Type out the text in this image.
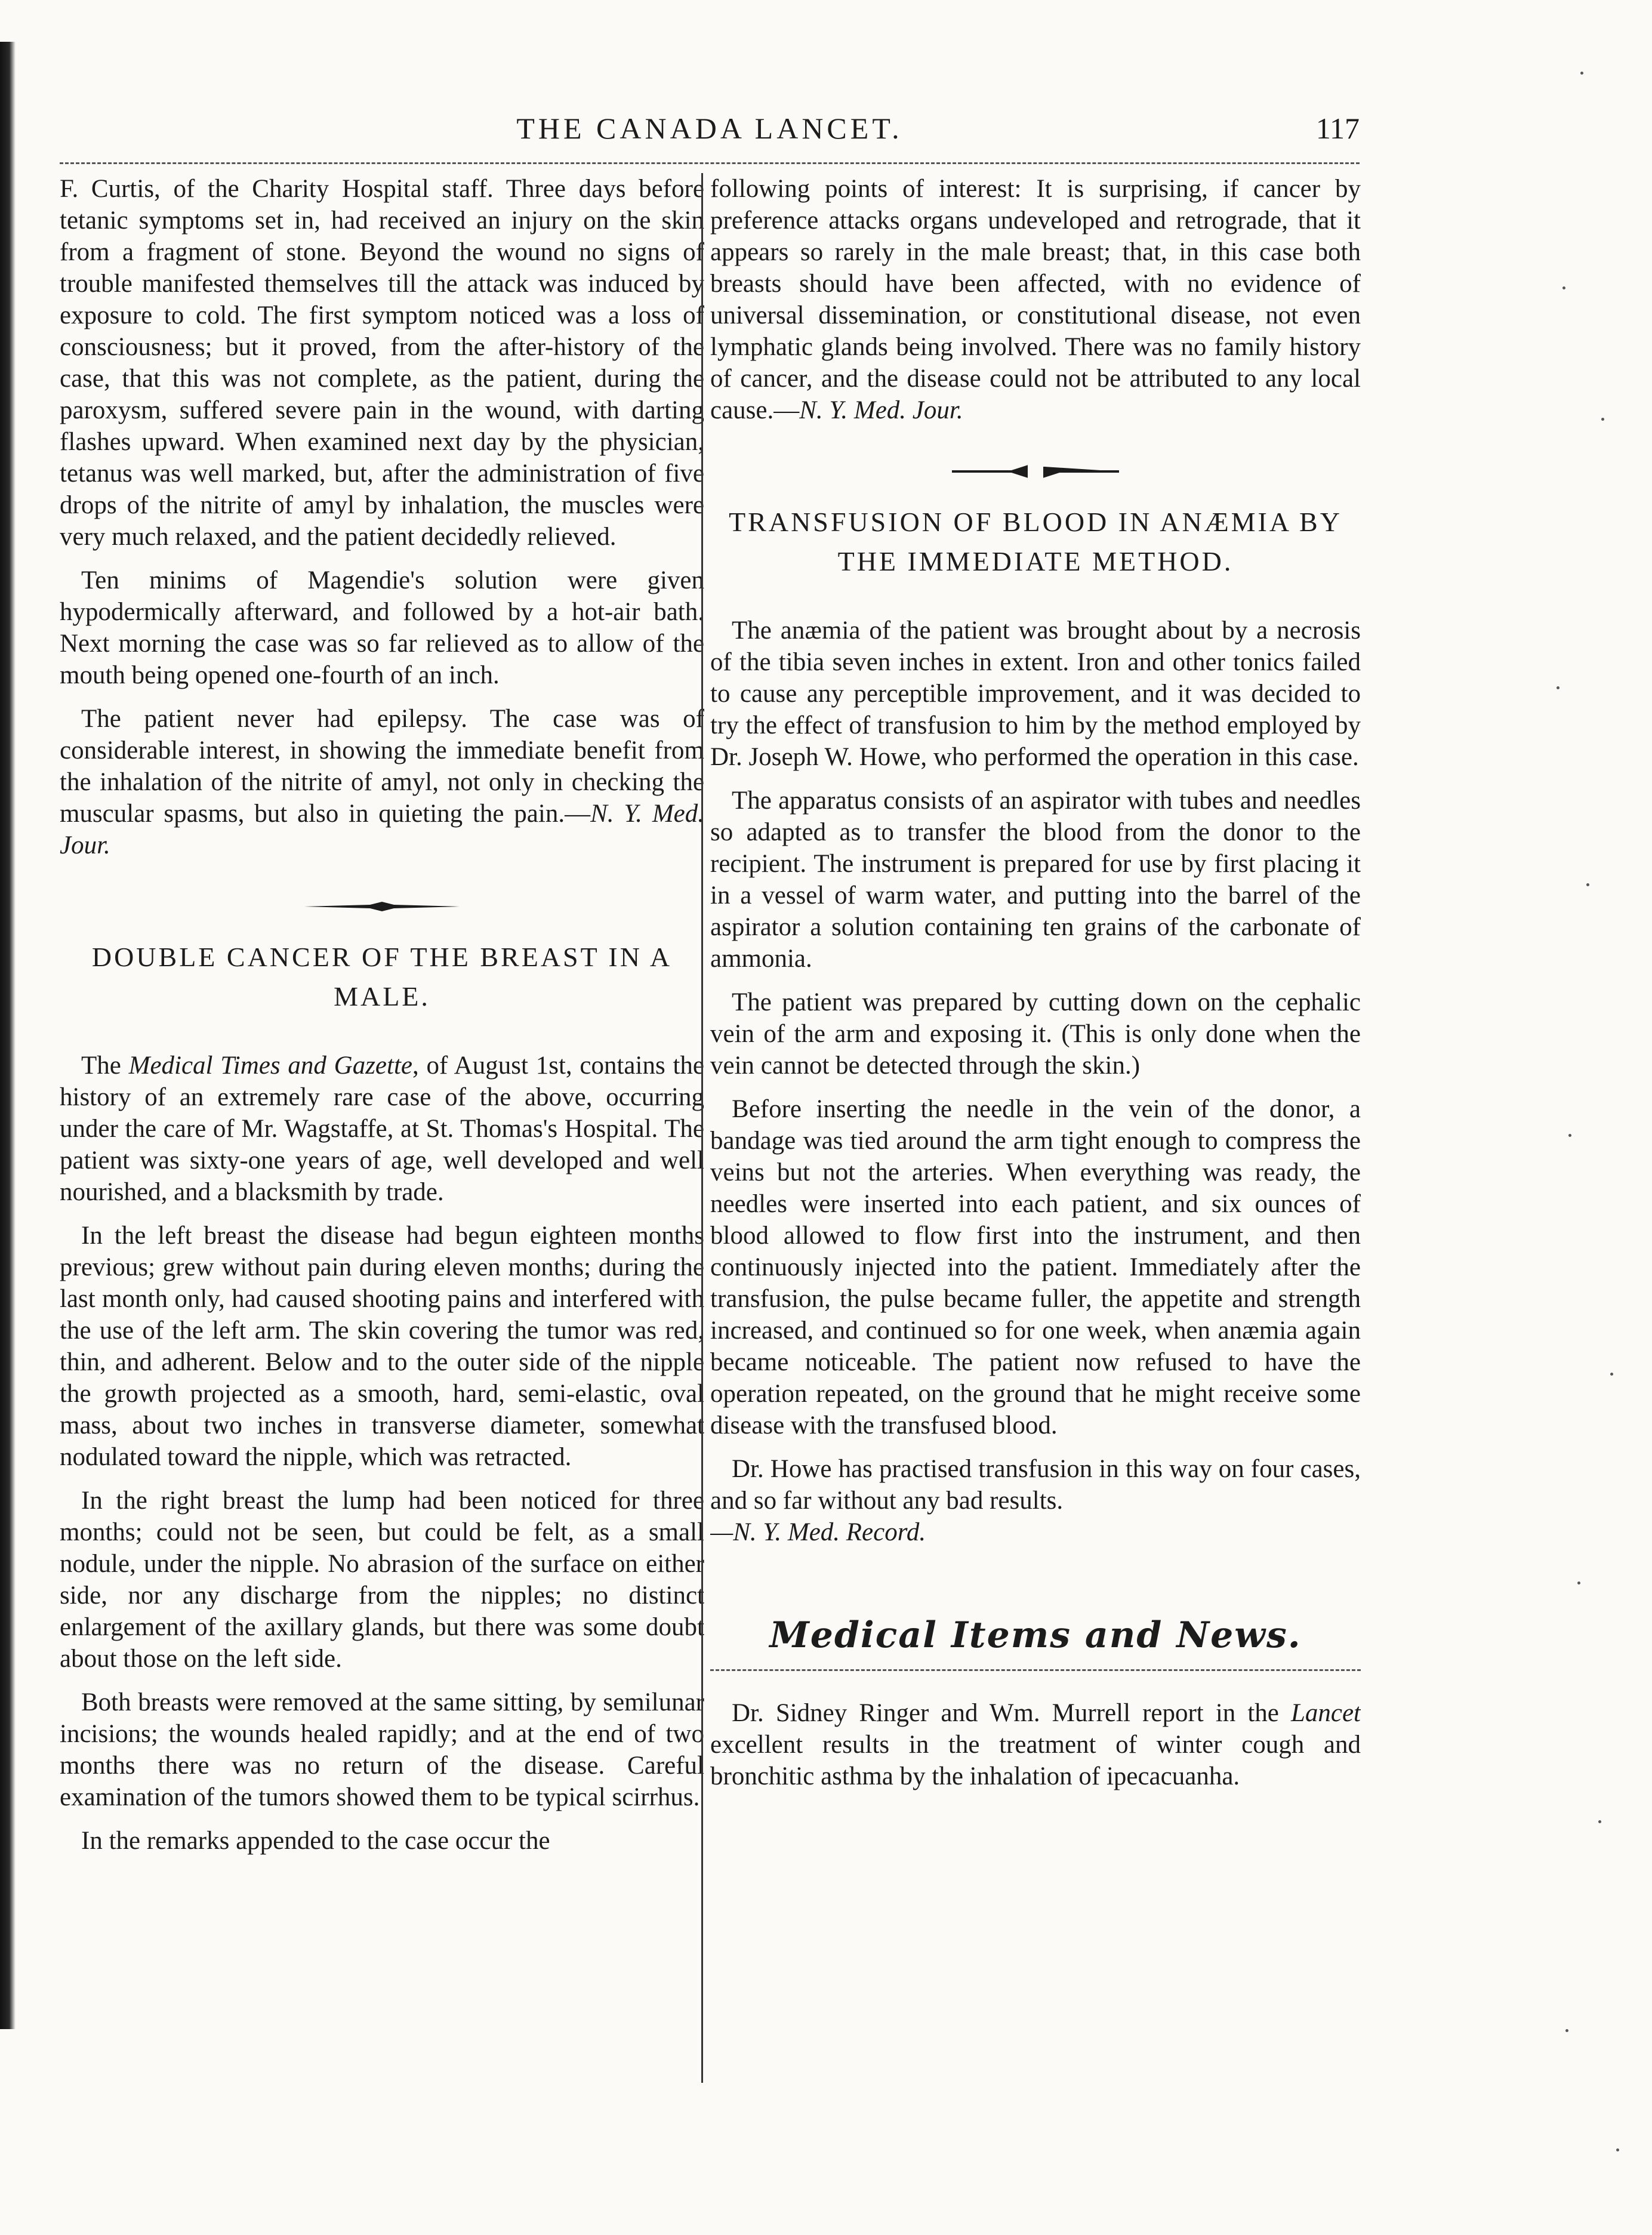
THE CANADA LANCET.	117

F. Curtis, of the Charity Hospital staff. Three days before tetanic symptoms set in, had received an injury on the skin from a fragment of stone. Beyond the wound no signs of trouble manifested themselves till the attack was induced by exposure to cold. The first symptom noticed was a loss of consciousness; but it proved, from the after-history of the case, that this was not complete, as the patient, during the paroxysm, suffered severe pain in the wound, with darting flashes upward. When examined next day by the physician, tetanus was well marked, but, after the administration of five drops of the nitrite of amyl by inhalation, the muscles were very much relaxed, and the patient decidedly relieved.

Ten minims of Magendie's solution were given hypodermically afterward, and followed by a hot-air bath. Next morning the case was so far relieved as to allow of the mouth being opened one-fourth of an inch.

The patient never had epilepsy. The case was of considerable interest, in showing the immediate benefit from the inhalation of the nitrite of amyl, not only in checking the muscular spasms, but also in quieting the pain.—N. Y. Med. Jour.

DOUBLE CANCER OF THE BREAST IN A MALE.

The Medical Times and Gazette, of August 1st, contains the history of an extremely rare case of the above, occurring under the care of Mr. Wagstaffe, at St. Thomas's Hospital. The patient was sixty-one years of age, well developed and well nourished, and a blacksmith by trade.

In the left breast the disease had begun eighteen months previous; grew without pain during eleven months; during the last month only, had caused shooting pains and interfered with the use of the left arm. The skin covering the tumor was red, thin, and adherent. Below and to the outer side of the nipple the growth projected as a smooth, hard, semi-elastic, oval mass, about two inches in transverse diameter, somewhat nodulated toward the nipple, which was retracted.

In the right breast the lump had been noticed for three months; could not be seen, but could be felt, as a small nodule, under the nipple. No abrasion of the surface on either side, nor any discharge from the nipples; no distinct enlargement of the axillary glands, but there was some doubt about those on the left side.

Both breasts were removed at the same sitting, by semilunar incisions; the wounds healed rapidly; and at the end of two months there was no return of the disease. Careful examination of the tumors showed them to be typical scirrhus.

In the remarks appended to the case occur the

following points of interest: It is surprising, if cancer by preference attacks organs undeveloped and retrograde, that it appears so rarely in the male breast; that, in this case both breasts should have been affected, with no evidence of universal dissemination, or constitutional disease, not even lymphatic glands being involved. There was no family history of cancer, and the disease could not be attributed to any local cause.—N. Y. Med. Jour.

TRANSFUSION OF BLOOD IN ANÆMIA BY THE IMMEDIATE METHOD.

The anæmia of the patient was brought about by a necrosis of the tibia seven inches in extent. Iron and other tonics failed to cause any perceptible improvement, and it was decided to try the effect of transfusion to him by the method employed by Dr. Joseph W. Howe, who performed the operation in this case.

The apparatus consists of an aspirator with tubes and needles so adapted as to transfer the blood from the donor to the recipient. The instrument is prepared for use by first placing it in a vessel of warm water, and putting into the barrel of the aspirator a solution containing ten grains of the carbonate of ammonia.

The patient was prepared by cutting down on the cephalic vein of the arm and exposing it. (This is only done when the vein cannot be detected through the skin.)

Before inserting the needle in the vein of the donor, a bandage was tied around the arm tight enough to compress the veins but not the arteries. When everything was ready, the needles were inserted into each patient, and six ounces of blood allowed to flow first into the instrument, and then continuously injected into the patient. Immediately after the transfusion, the pulse became fuller, the appetite and strength increased, and continued so for one week, when anæmia again became noticeable. The patient now refused to have the operation repeated, on the ground that he might receive some disease with the transfused blood.

Dr. Howe has practised transfusion in this way on four cases, and so far without any bad results.
—N. Y. Med. Record.

Medical Items and News.

Dr. Sidney Ringer and Wm. Murrell report in the Lancet excellent results in the treatment of winter cough and bronchitic asthma by the inhalation of ipecacuanha.
